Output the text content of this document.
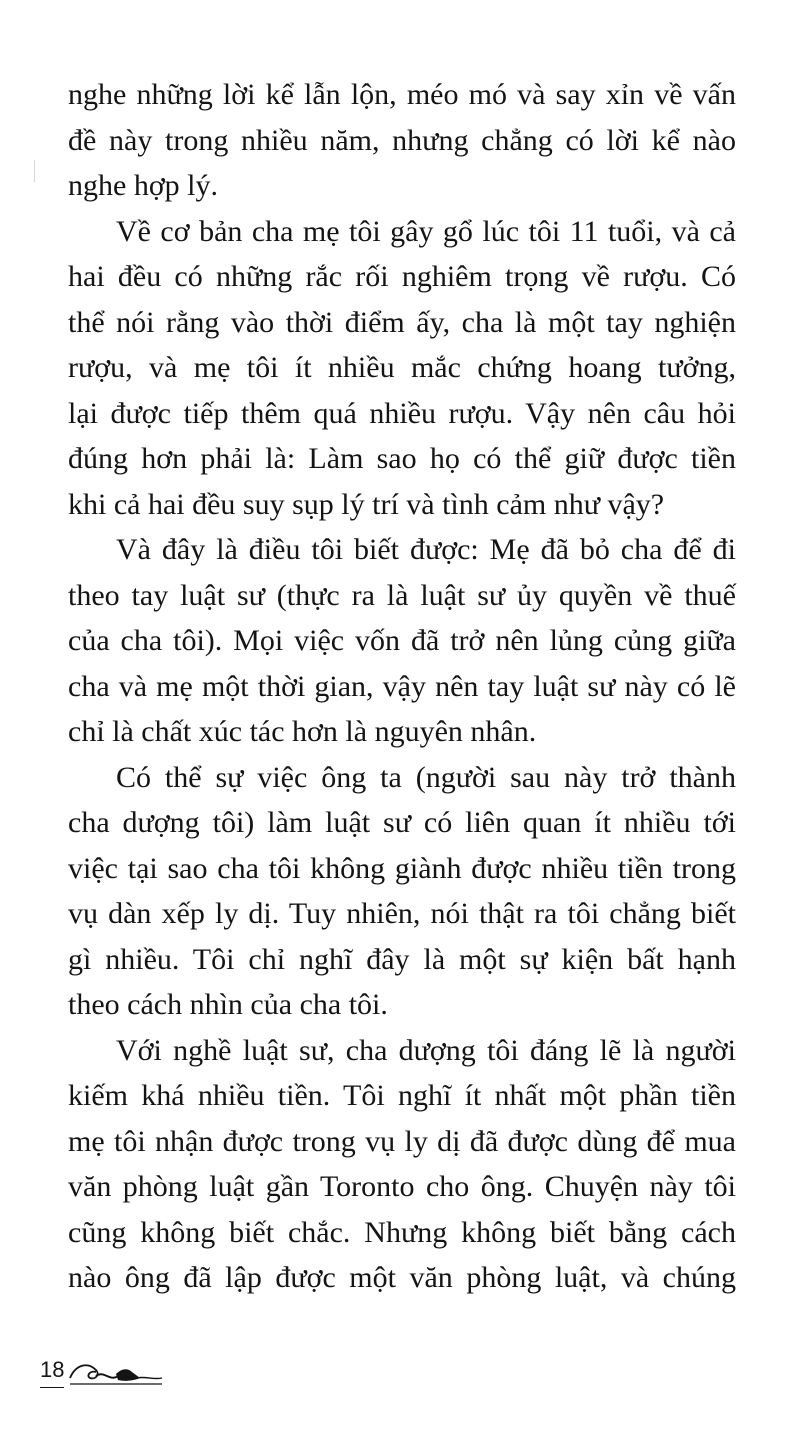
nghe những lời kể lẫn lộn, méo mó và say xỉn về vấn
đề này trong nhiều năm, nhưng chẳng có lời kể nào
nghe hợp lý.

Về cơ bản cha mẹ tôi gây gổ lúc tôi 11 tuổi, và cả
hai đều có những rắc rối nghiêm trọng về rượu. Có
thể nói rằng vào thời điểm ấy, cha là một tay nghiện
rượu, và mẹ tôi ít nhiều mắc chứng hoang tưởng,
lại được tiếp thêm quá nhiều rượu. Vậy nên câu hỏi
đúng hơn phải là: Làm sao họ có thể giữ được tiền
khi cả hai đều suy sụp lý trí và tình cảm như vậy?

Và đây là điều tôi biết được: Mẹ đã bỏ cha để đi
theo tay luật sư (thực ra là luật sư ủy quyền về thuế
của cha tôi). Mọi việc vốn đã trở nên lủng củng giữa
cha và mẹ một thời gian, vậy nên tay luật sư này có lẽ
chỉ là chất xúc tác hơn là nguyên nhân.

Có thể sự việc ông ta (người sau này trở thành
cha dượng tôi) làm luật sư có liên quan ít nhiều tới
việc tại sao cha tôi không giành được nhiều tiền trong
vụ dàn xếp ly dị. Tuy nhiên, nói thật ra tôi chẳng biết
gì nhiều. Tôi chỉ nghĩ đây là một sự kiện bất hạnh
theo cách nhìn của cha tôi.

Với nghề luật sư, cha dượng tôi đáng lẽ là người
kiếm khá nhiều tiền. Tôi nghĩ ít nhất một phần tiền
mẹ tôi nhận được trong vụ ly dị đã được dùng để mua
văn phòng luật gần Toronto cho ông. Chuyện này tôi
cũng không biết chắc. Nhưng không biết bằng cách
nào ông đã lập được một văn phòng luật, và chúng

18
